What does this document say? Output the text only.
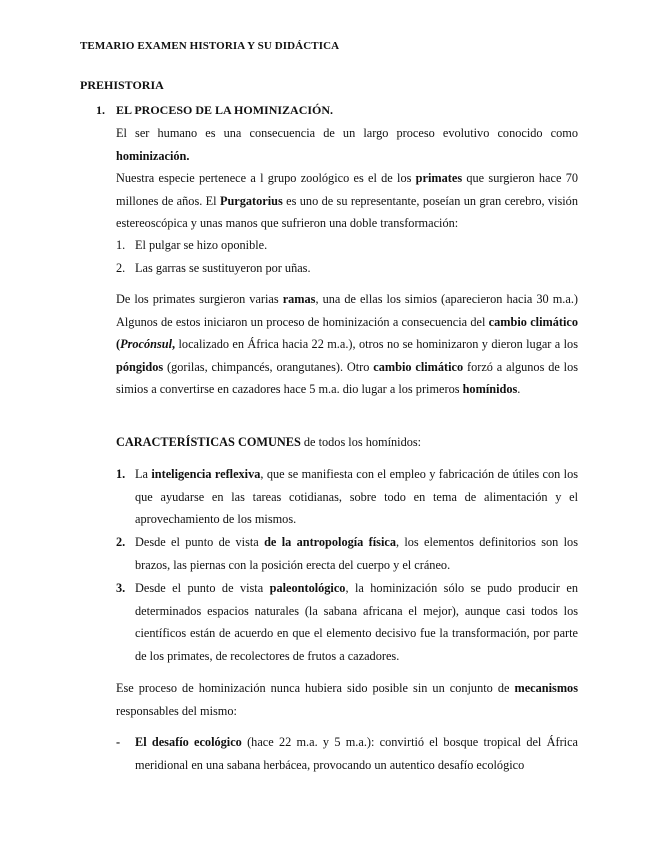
TEMARIO EXAMEN HISTORIA Y SU DIDÁCTICA
PREHISTORIA
1. EL PROCESO DE LA HOMINIZACIÓN.

El ser humano es una consecuencia de un largo proceso evolutivo conocido como hominización.

Nuestra especie pertenece a l grupo zoológico es el de los primates que surgieron hace 70 millones de años. El Purgatorius es uno de su representante, poseían un gran cerebro, visión estereoscópica y unas manos que sufrieron una doble transformación:

1. El pulgar se hizo oponible.
2. Las garras se sustituyeron por uñas.
De los primates surgieron varias ramas, una de ellas los simios (aparecieron hacia 30 m.a.) Algunos de estos iniciaron un proceso de hominización a consecuencia del cambio climático (Procónsul, localizado en África hacia 22 m.a.), otros no se hominizaron y dieron lugar a los póngidos (gorilas, chimpancés, orangutanes). Otro cambio climático forzó a algunos de los simios a convertirse en cazadores hace 5 m.a. dio lugar a los primeros homínidos.
CARACTERÍSTICAS COMUNES de todos los homínidos:
1. La inteligencia reflexiva, que se manifiesta con el empleo y fabricación de útiles con los que ayudarse en las tareas cotidianas, sobre todo en tema de alimentación y el aprovechamiento de los mismos.
2. Desde el punto de vista de la antropología física, los elementos definitorios son los brazos, las piernas con la posición erecta del cuerpo y el cráneo.
3. Desde el punto de vista paleontológico, la hominización sólo se pudo producir en determinados espacios naturales (la sabana africana el mejor), aunque casi todos los científicos están de acuerdo en que el elemento decisivo fue la transformación, por parte de los primates, de recolectores de frutos a cazadores.
Ese proceso de hominización nunca hubiera sido posible sin un conjunto de mecanismos responsables del mismo:
- El desafío ecológico (hace 22 m.a. y 5 m.a.): convirtió el bosque tropical del África meridional en una sabana herbácea, provocando un autentico desafío ecológico
